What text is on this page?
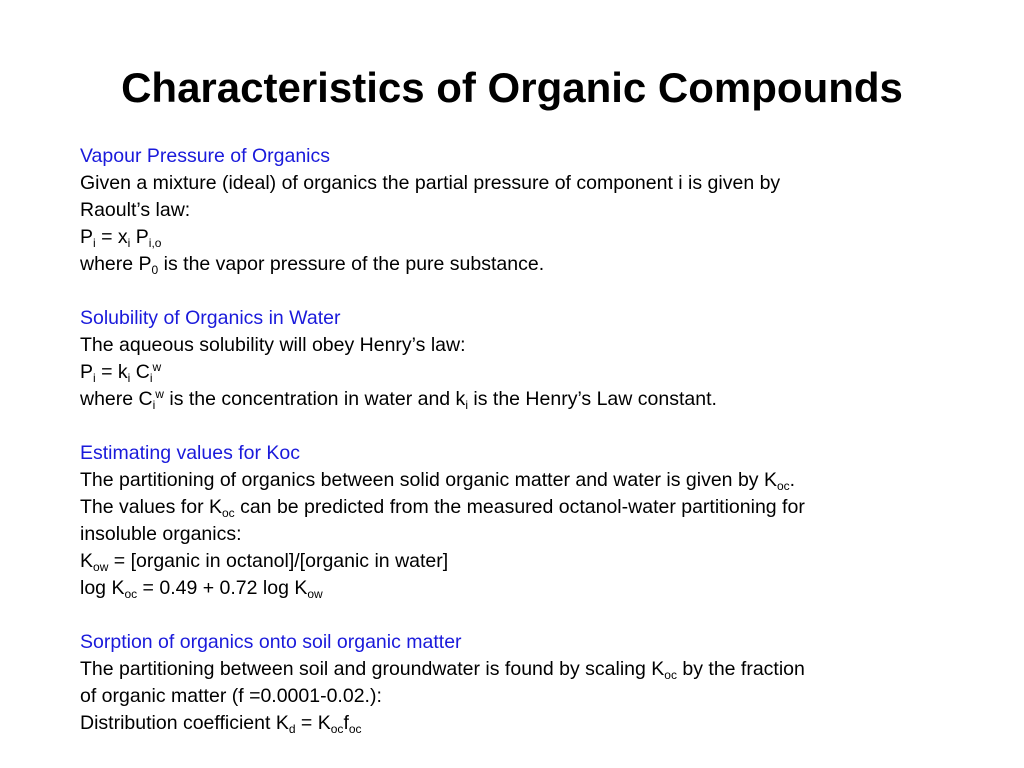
Characteristics of Organic Compounds
Vapour Pressure of Organics
Given a mixture (ideal) of organics the partial pressure of component i is given by
Raoult’s law:
$P_i = x_i$ $P_{i,o}$
where $P_0$ is the vapor pressure of the pure substance.
Solubility of Organics in Water
The aqueous solubility will obey Henry’s law:
$P_i = k_i$ $C_i^w$
where $C_i^w$ is the concentration in water and $k_i$ is the Henry’s Law constant.
Estimating values for Koc
The partitioning of organics between solid organic matter and water is given by $K_{oc}$.
The values for $K_{oc}$ can be predicted from the measured octanol-water partitioning for
insoluble organics:
$K_{ow}$ = [organic in octanol]/[organic in water]
$\log K_{oc} = 0.49 + 0.72$ $\log K_{ow}$
Sorption of organics onto soil organic matter
The partitioning between soil and groundwater is found by scaling $K_{oc}$ by the fraction
of organic matter (f =0.0001-0.02.):
Distribution coefficient $K_d = K_{oc}f_{oc}$
